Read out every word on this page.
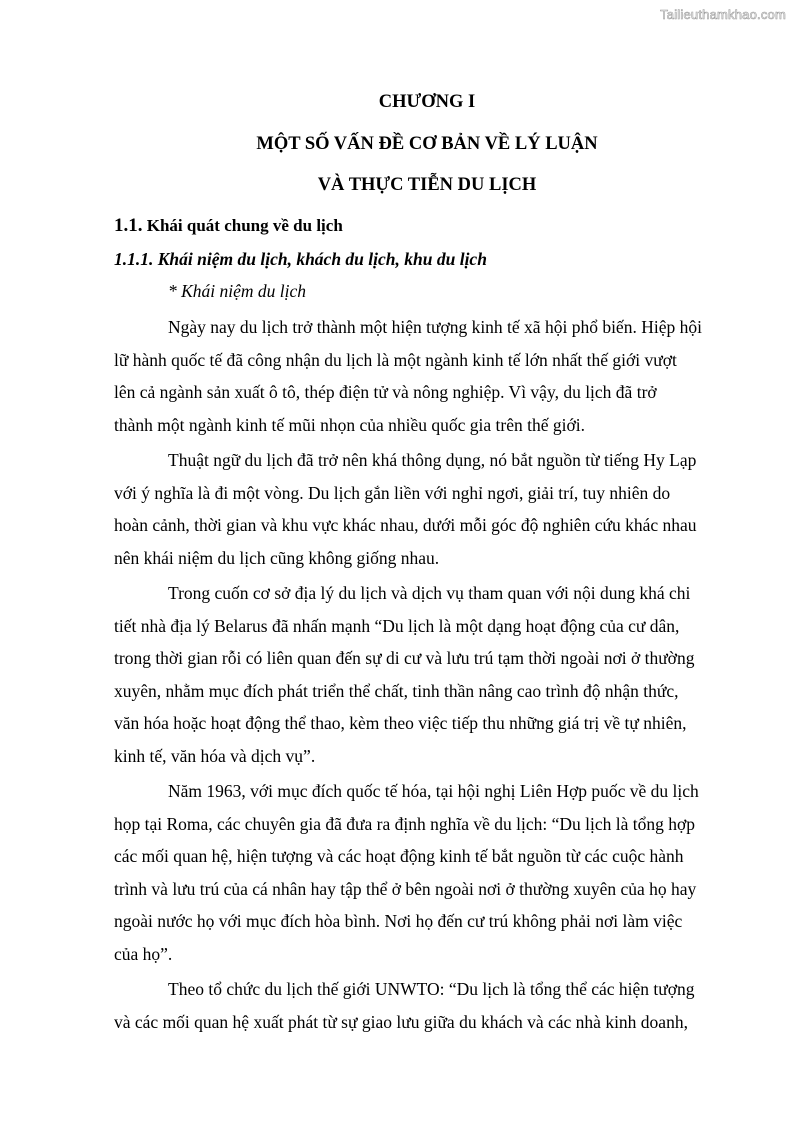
Tailieuthamkhao.com
CHƯƠNG I
MỘT SỐ VẤN ĐỀ CƠ BẢN VỀ LÝ LUẬN
VÀ THỰC TIỄN DU LỊCH
1.1. Khái quát chung về du lịch
1.1.1. Khái niệm du lịch, khách du lịch, khu du lịch
* Khái niệm du lịch
Ngày nay du lịch trở thành một hiện tượng kinh tế xã hội phổ biến. Hiệp hội
lữ hành quốc tế đã công nhận du lịch là một ngành kinh tế lớn nhất thế giới vượt
lên cả ngành sản xuất ô tô, thép điện tử và nông nghiệp. Vì vậy, du lịch đã trở
thành một ngành kinh tế mũi nhọn của nhiều quốc gia trên thế giới.
Thuật ngữ du lịch đã trở nên khá thông dụng, nó bắt nguồn từ tiếng Hy Lạp
với ý nghĩa là đi một vòng. Du lịch gắn liền với nghỉ ngơi, giải trí, tuy nhiên do
hoàn cảnh, thời gian và khu vực khác nhau, dưới mỗi góc độ nghiên cứu khác nhau
nên khái niệm du lịch cũng không giống nhau.
Trong cuốn cơ sở địa lý du lịch và dịch vụ tham quan với nội dung khá chi
tiết nhà địa lý Belarus đã nhấn mạnh “Du lịch là một dạng hoạt động của cư dân,
trong thời gian rỗi có liên quan đến sự di cư và lưu trú tạm thời ngoài nơi ở thường
xuyên, nhằm mục đích phát triển thể chất, tinh thần nâng cao trình độ nhận thức,
văn hóa hoặc hoạt động thể thao, kèm theo việc tiếp thu những giá trị về tự nhiên,
kinh tế, văn hóa và dịch vụ”.
Năm 1963, với mục đích quốc tế hóa, tại hội nghị Liên Hợp puốc về du lịch
họp tại Roma, các chuyên gia đã đưa ra định nghĩa về du lịch: “Du lịch là tổng hợp
các mối quan hệ, hiện tượng và các hoạt động kinh tế bắt nguồn từ các cuộc hành
trình và lưu trú của cá nhân hay tập thể ở bên ngoài nơi ở thường xuyên của họ hay
ngoài nước họ với mục đích hòa bình. Nơi họ đến cư trú không phải nơi làm việc
của họ”.
Theo tổ chức du lịch thế giới UNWTO: “Du lịch là tổng thể các hiện tượng
và các mối quan hệ xuất phát từ sự giao lưu giữa du khách và các nhà kinh doanh,
